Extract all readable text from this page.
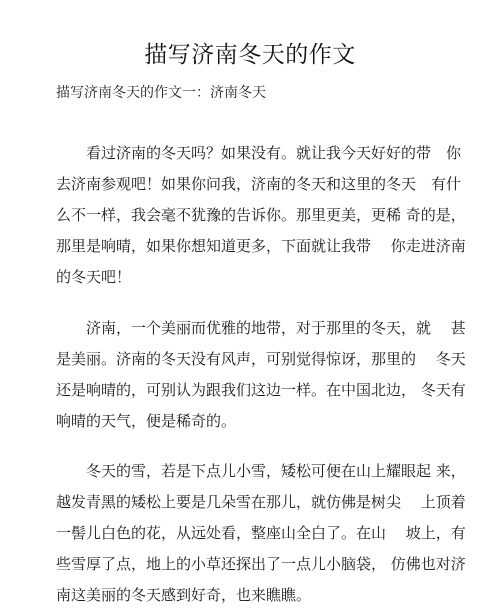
描写济南冬天的作文
描写济南冬天的作文一：济南冬天
　　看过济南的冬天吗？如果没有。就让我今天好好的带　你
去济南参观吧！如果你问我，济南的冬天和这里的冬天　有什
么不一样，我会毫不犹豫的告诉你。那里更美，更稀 奇的是，
那里是响晴，如果你想知道更多，下面就让我带　 你走进济南
的冬天吧！
　　济南，一个美丽而优雅的地带，对于那里的冬天，就　 甚
是美丽。济南的冬天没有风声，可别觉得惊讶，那里的　 冬天
还是响晴的，可别认为跟我们这边一样。在中国北边， 冬天有
响晴的天气，便是稀奇的。
　　冬天的雪，若是下点儿小雪，矮松可便在山上耀眼起 来，
越发青黑的矮松上要是几朵雪在那儿，就仿佛是树尖　 上顶着
一髻儿白色的花，从远处看，整座山全白了。在山　 坡上，有
些雪厚了点，地上的小草还探出了一点儿小脑袋， 仿佛也对济
南这美丽的冬天感到好奇，也来瞧瞧。
